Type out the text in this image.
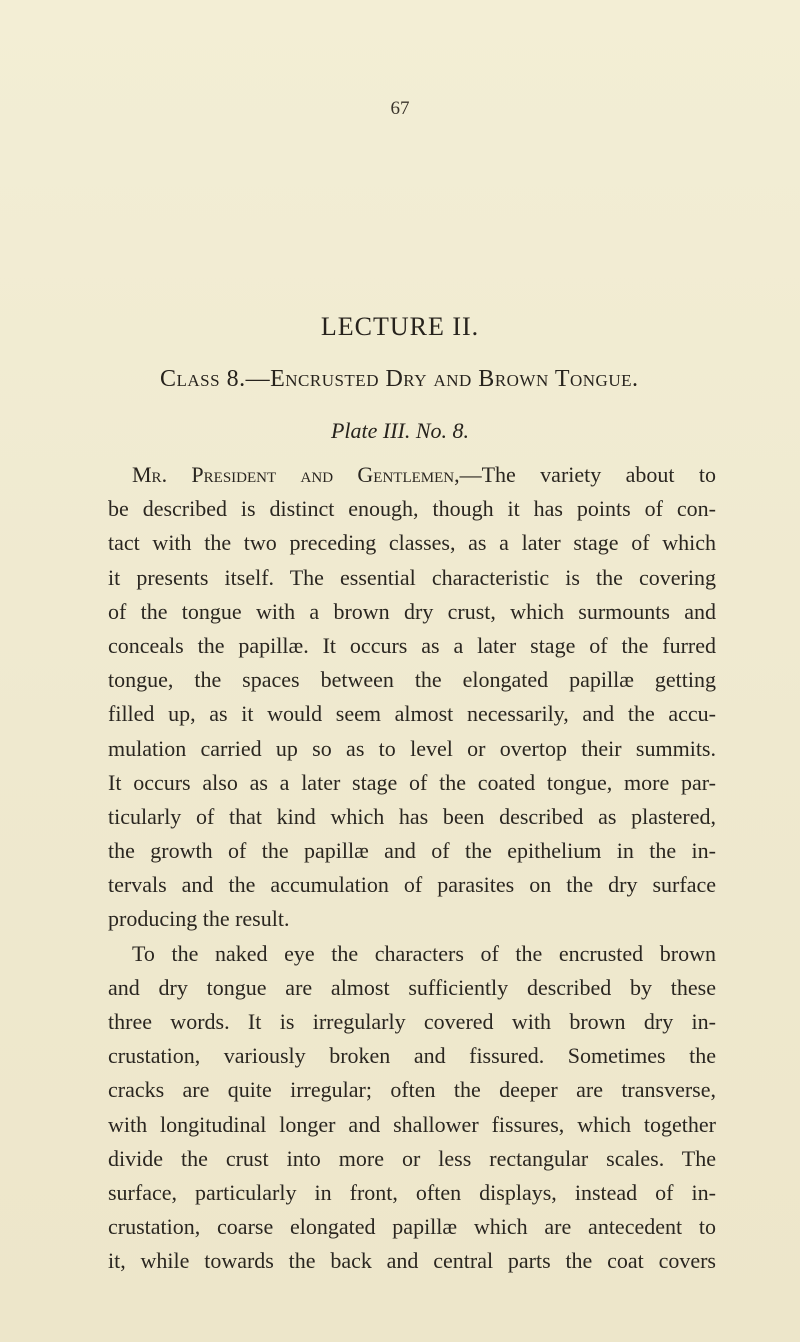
67
LECTURE II.
Class 8.—Encrusted Dry and Brown Tongue.
Plate III. No. 8.
Mr. President and Gentlemen,—The variety about to
be described is distinct enough, though it has points of con-
tact with the two preceding classes, as a later stage of which
it presents itself. The essential characteristic is the covering
of the tongue with a brown dry crust, which surmounts and
conceals the papillæ. It occurs as a later stage of the furred
tongue, the spaces between the elongated papillæ getting
filled up, as it would seem almost necessarily, and the accu-
mulation carried up so as to level or overtop their summits.
It occurs also as a later stage of the coated tongue, more par-
ticularly of that kind which has been described as plastered,
the growth of the papillæ and of the epithelium in the in-
tervals and the accumulation of parasites on the dry surface
producing the result.
To the naked eye the characters of the encrusted brown
and dry tongue are almost sufficiently described by these
three words. It is irregularly covered with brown dry in-
crustation, variously broken and fissured. Sometimes the
cracks are quite irregular; often the deeper are transverse,
with longitudinal longer and shallower fissures, which together
divide the crust into more or less rectangular scales. The
surface, particularly in front, often displays, instead of in-
crustation, coarse elongated papillæ which are antecedent to
it, while towards the back and central parts the coat covers
